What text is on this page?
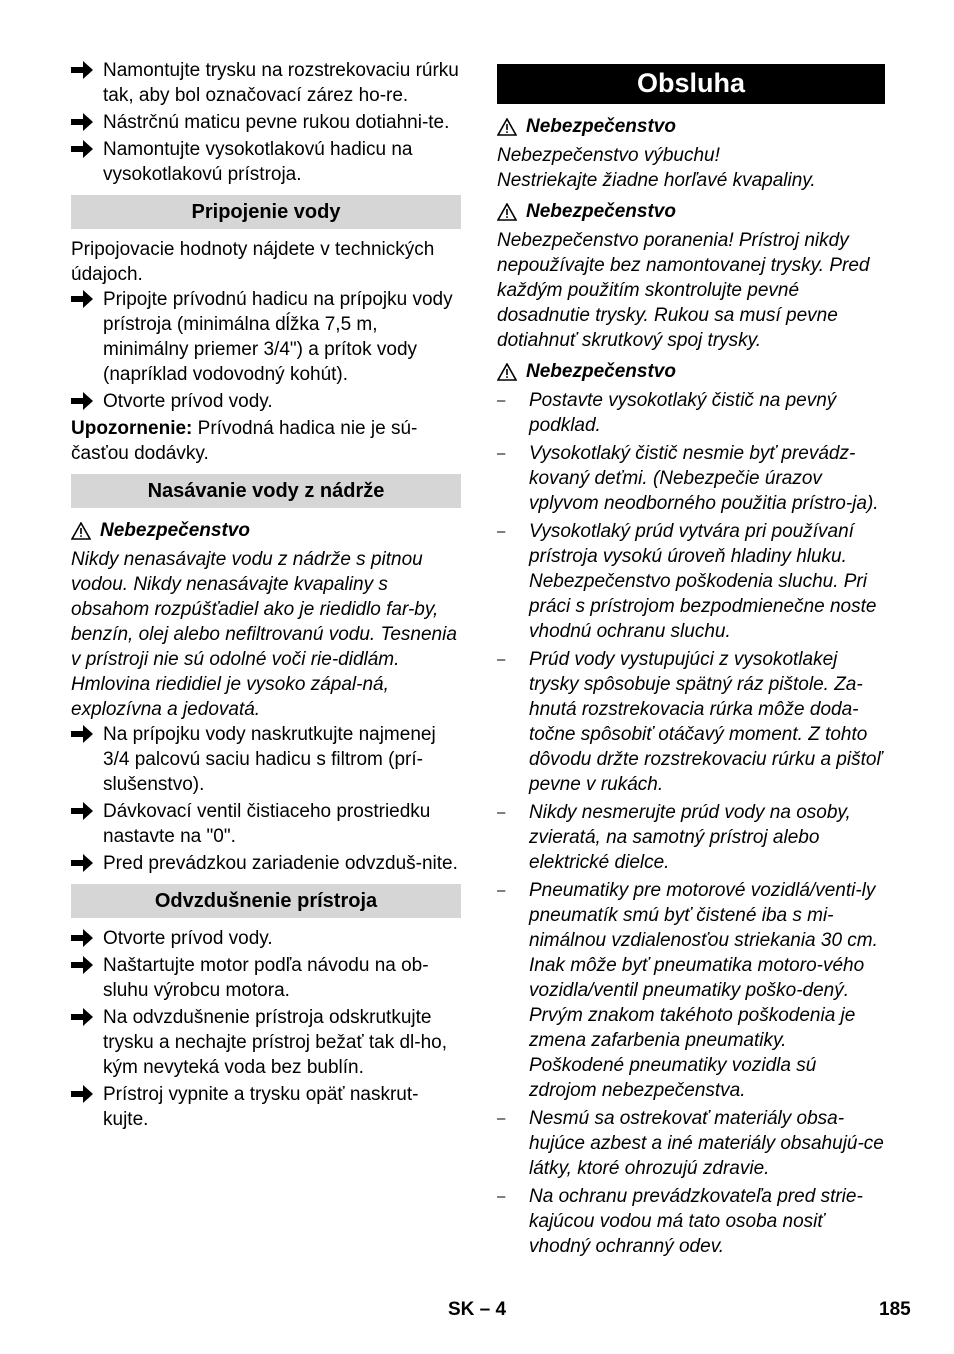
Namontujte trysku na rozstrekovaciu rúrku tak, aby bol označovací zárez ho-re.

Nástrčnú maticu pevne rukou dotiahni-te.

Namontujte vysokotlakovú hadicu na vysokotlakovú prístroja.

Pripojenie vody

Pripojovacie hodnoty nájdete v technických údajoch.

Pripojte prívodnú hadicu na prípojku vody prístroja (minimálna dĺžka 7,5 m, minimálny priemer 3/4") a prítok vody (napríklad vodovodný kohút).

Otvorte prívod vody.

Upozornenie: Prívodná hadica nie je sú-časťou dodávky.

Nasávanie vody z nádrže
Nebezpečenstvo

Nikdy nenasávajte vodu z nádrže s pitnou vodou. Nikdy nenasávajte kvapaliny s obsahom rozpúšťadiel ako je riedidlo far-by, benzín, olej alebo nefiltrovanú vodu. Tesnenia v prístroji nie sú odolné voči rie-didlám. Hmlovina riedidiel je vysoko zápal-ná, explozívna a jedovatá.

Na prípojku vody naskrutkujte najmenej 3/4 palcovú saciu hadicu s filtrom (prí-slušenstvo).

Dávkovací ventil čistiaceho prostriedku nastavte na "0".

Pred prevádzkou zariadenie odvzduš-nite.

Odvzdušnenie prístroja

Otvorte prívod vody.

Naštartujte motor podľa návodu na ob-sluhu výrobcu motora.

Na odvzdušnenie prístroja odskrutkujte trysku a nechajte prístroj bežať tak dl-ho, kým nevyteká voda bez bublín.

Prístroj vypnite a trysku opäť naskrut-kujte.

Obsluha
Nebezpečenstvo

Nebezpečenstvo výbuchu!

Nestriekajte žiadne horľavé kvapaliny.

Nebezpečenstvo

Nebezpečenstvo poranenia! Prístroj nikdy nepoužívajte bez namontovanej trysky. Pred každým použitím skontrolujte pevné dosadnutie trysky. Rukou sa musí pevne dotiahnuť skrutkový spoj trysky.

Nebezpečenstvo
– Postavte vysokotlaký čistič na pevný podklad.

– Vysokotlaký čistič nesmie byť prevádz-kovaný deťmi. (Nebezpečie úrazov vplyvom neodborného použitia prístro-ja).

– Vysokotlaký prúd vytvára pri používaní prístroja vysokú úroveň hladiny hluku. Nebezpečenstvo poškodenia sluchu. Pri práci s prístrojom bezpodmienečne noste vhodnú ochranu sluchu.

– Prúd vody vystupujúci z vysokotlakej trysky spôsobuje spätný ráz pištole. Za-hnutá rozstrekovacia rúrka môže doda-točne spôsobiť otáčavý moment. Z tohto dôvodu držte rozstrekovaciu rúrku a pištoľ pevne v rukách.

– Nikdy nesmerujte prúd vody na osoby, zvieratá, na samotný prístroj alebo elektrické dielce.

– Pneumatiky pre motorové vozidlá/venti-ly pneumatík smú byť čistené iba s mi-nimálnou vzdialenosťou striekania 30 cm. Inak môže byť pneumatika motoro-vého vozidla/ventil pneumatiky poško-dený. Prvým znakom takéhoto poškodenia je zmena zafarbenia pneumatiky. Poškodené pneumatiky vozidla sú zdrojom nebezpečenstva.

– Nesmú sa ostrekovať materiály obsa-hujúce azbest a iné materiály obsahujú-ce látky, ktoré ohrozujú zdravie.

– Na ochranu prevádzkovateľa pred strie-kajúcou vodou má tato osoba nosiť vhodný ochranný odev.

SK – 4	185
